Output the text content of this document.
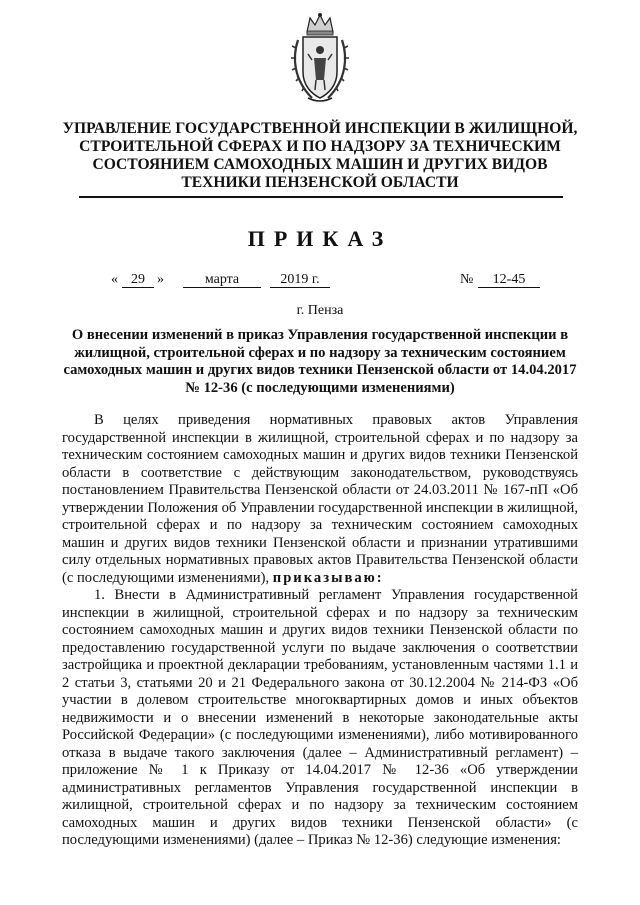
УПРАВЛЕНИЕ ГОСУДАРСТВЕННОЙ ИНСПЕКЦИИ В ЖИЛИЩНОЙ, СТРОИТЕЛЬНОЙ СФЕРАХ И ПО НАДЗОРУ ЗА ТЕХНИЧЕСКИМ СОСТОЯНИЕМ САМОХОДНЫХ МАШИН И ДРУГИХ ВИДОВ ТЕХНИКИ ПЕНЗЕНСКОЙ ОБЛАСТИ
ПРИКАЗ
« 29 »	марта	2019 г.	№	12-45
г. Пенза
О внесении изменений в приказ Управления государственной инспекции в жилищной, строительной сферах и по надзору за техническим состоянием самоходных машин и других видов техники Пензенской области от 14.04.2017 № 12-36 (с последующими изменениями)

В целях приведения нормативных правовых актов Управления государственной инспекции в жилищной, строительной сферах и по надзору за техническим состоянием самоходных машин и других видов техники Пензенской области в соответствие с действующим законодательством, руководствуясь постановлением Правительства Пензенской области от 24.03.2011 № 167-пП «Об утверждении Положения об Управлении государственной инспекции в жилищной, строительной сферах и по надзору за техническим состоянием самоходных машин и других видов техники Пензенской области и признании утратившими силу отдельных нормативных правовых актов Правительства Пензенской области (с последующими изменениями), приказываю:

1. Внести в Административный регламент Управления государственной инспекции в жилищной, строительной сферах и по надзору за техническим состоянием самоходных машин и других видов техники Пензенской области по предоставлению государственной услуги по выдаче заключения о соответствии застройщика и проектной декларации требованиям, установленным частями 1.1 и 2 статьи 3, статьями 20 и 21 Федерального закона от 30.12.2004 № 214-ФЗ «Об участии в долевом строительстве многоквартирных домов и иных объектов недвижимости и о внесении изменений в некоторые законодательные акты Российской Федерации» (с последующими изменениями), либо мотивированного отказа в выдаче такого заключения (далее – Административный регламент) – приложение № 1 к Приказу от 14.04.2017 № 12-36 «Об утверждении административных регламентов Управления государственной инспекции в жилищной, строительной сферах и по надзору за техническим состоянием самоходных машин и других видов техники Пензенской области» (с последующими изменениями) (далее – Приказ № 12-36) следующие изменения:
